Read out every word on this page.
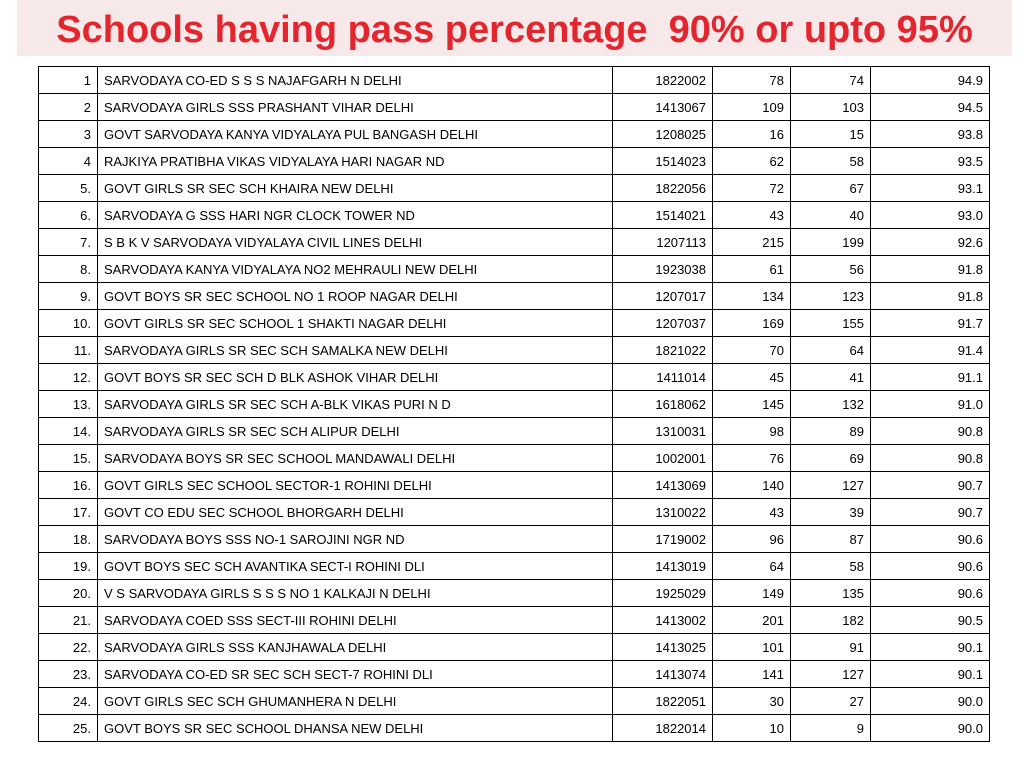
Schools having pass percentage  90% or upto 95%
1	SARVODAYA CO-ED S S S NAJAFGARH N DELHI	1822002	78	74	94.9
2	SARVODAYA GIRLS SSS PRASHANT VIHAR DELHI	1413067	109	103	94.5
3	GOVT SARVODAYA KANYA VIDYALAYA PUL BANGASH DELHI	1208025	16	15	93.8
4	RAJKIYA PRATIBHA VIKAS VIDYALAYA HARI NAGAR ND	1514023	62	58	93.5
5.	GOVT GIRLS SR SEC SCH KHAIRA NEW DELHI	1822056	72	67	93.1
6.	SARVODAYA G SSS HARI NGR CLOCK TOWER ND	1514021	43	40	93.0
7.	S B K V SARVODAYA VIDYALAYA CIVIL LINES DELHI	1207113	215	199	92.6
8.	SARVODAYA KANYA VIDYALAYA NO2 MEHRAULI NEW DELHI	1923038	61	56	91.8
9.	GOVT BOYS SR SEC SCHOOL NO 1 ROOP NAGAR DELHI	1207017	134	123	91.8
10.	GOVT GIRLS SR SEC SCHOOL 1 SHAKTI NAGAR DELHI	1207037	169	155	91.7
11.	SARVODAYA GIRLS SR SEC SCH SAMALKA NEW DELHI	1821022	70	64	91.4
12.	GOVT BOYS SR SEC SCH D BLK ASHOK VIHAR DELHI	1411014	45	41	91.1
13.	SARVODAYA GIRLS SR SEC SCH A-BLK VIKAS PURI N D	1618062	145	132	91.0
14.	SARVODAYA GIRLS SR SEC SCH ALIPUR DELHI	1310031	98	89	90.8
15.	SARVODAYA BOYS SR SEC SCHOOL MANDAWALI DELHI	1002001	76	69	90.8
16.	GOVT GIRLS SEC SCHOOL SECTOR-1 ROHINI DELHI	1413069	140	127	90.7
17.	GOVT CO EDU SEC SCHOOL BHORGARH DELHI	1310022	43	39	90.7
18.	SARVODAYA BOYS SSS NO-1 SAROJINI NGR ND	1719002	96	87	90.6
19.	GOVT BOYS SEC SCH AVANTIKA SECT-I ROHINI DLI	1413019	64	58	90.6
20.	V S SARVODAYA GIRLS S S S NO 1 KALKAJI N DELHI	1925029	149	135	90.6
21.	SARVODAYA COED SSS SECT-III ROHINI DELHI	1413002	201	182	90.5
22.	SARVODAYA GIRLS SSS KANJHAWALA DELHI	1413025	101	91	90.1
23.	SARVODAYA CO-ED SR SEC SCH SECT-7 ROHINI DLI	1413074	141	127	90.1
24.	GOVT GIRLS SEC SCH GHUMANHERA N DELHI	1822051	30	27	90.0
25.	GOVT BOYS SR SEC SCHOOL DHANSA NEW DELHI	1822014	10	9	90.0
